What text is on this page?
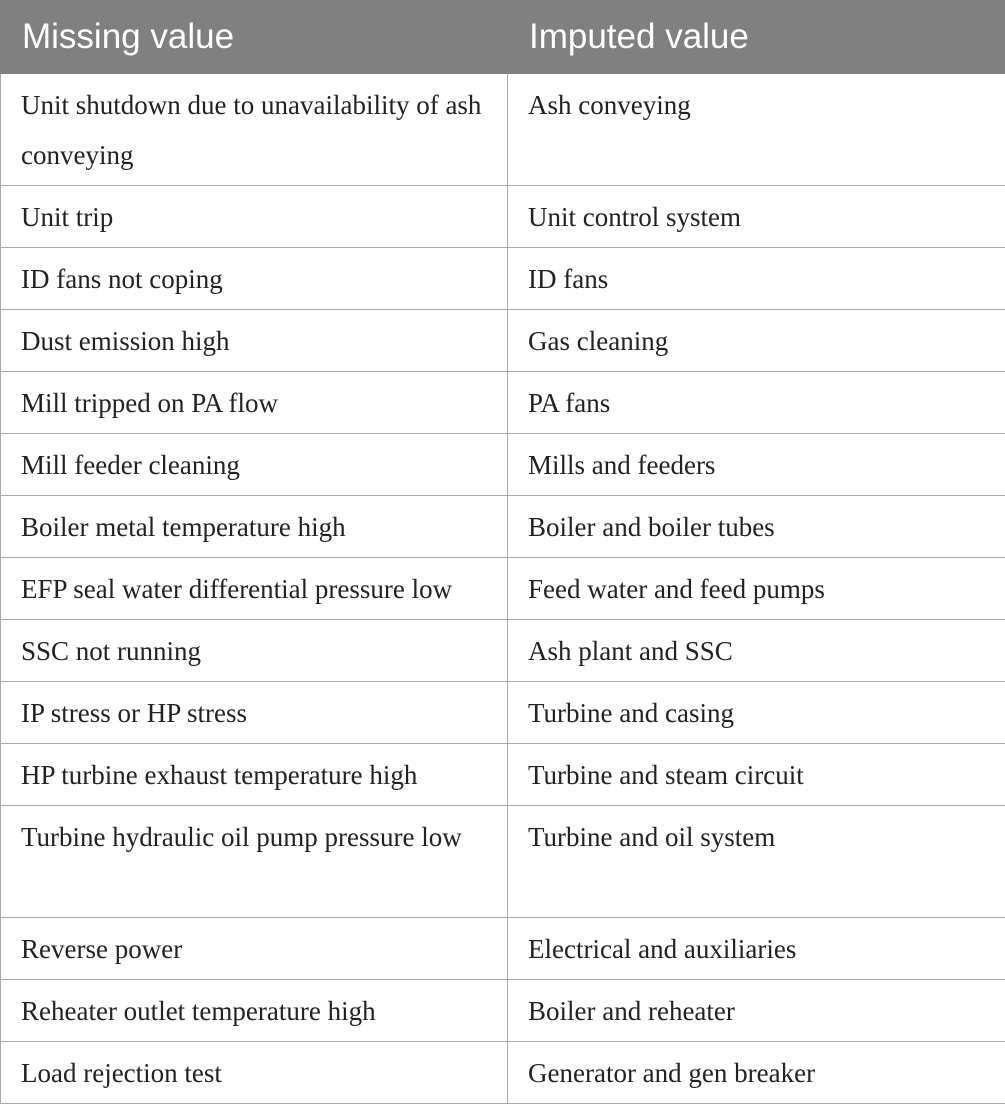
Missing value	Imputed value
Unit shutdown due to unavailability of ash conveying	Ash conveying
Unit trip	Unit control system
ID fans not coping	ID fans
Dust emission high	Gas cleaning
Mill tripped on PA flow	PA fans
Mill feeder cleaning	Mills and feeders
Boiler metal temperature high	Boiler and boiler tubes
EFP seal water differential pressure low	Feed water and feed pumps
SSC not running	Ash plant and SSC
IP stress or HP stress	Turbine and casing
HP turbine exhaust temperature high	Turbine and steam circuit
Turbine hydraulic oil pump pressure low	Turbine and oil system
Reverse power	Electrical and auxiliaries
Reheater outlet temperature high	Boiler and reheater
Load rejection test	Generator and gen breaker
